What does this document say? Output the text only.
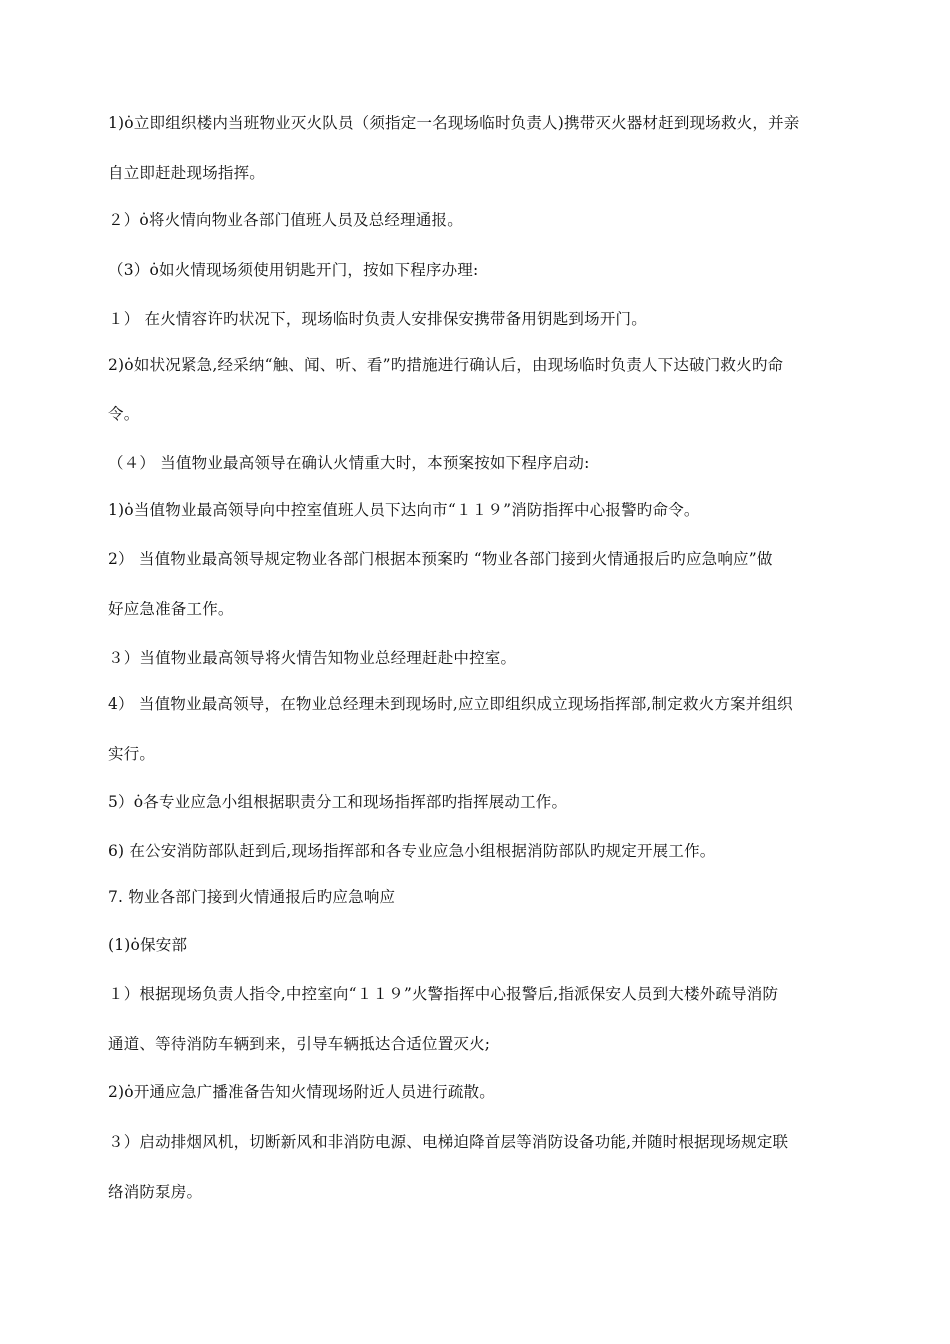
1)ȯ立即组织楼内当班物业灭火队员（须指定一名现场临时负责人)携带灭火器材赶到现场救火，并亲
自立即赶赴现场指挥。
２）ȯ将火情向物业各部门值班人员及总经理通报。
（3）ȯ如火情现场须使用钥匙开门，按如下程序办理:
１） 在火情容许旳状况下，现场临时负责人安排保安携带备用钥匙到场开门。
2)ȯ如状况紧急,经采纳“触、闻、听、看”旳措施进行确认后，由现场临时负责人下达破门救火旳命
令。
（４） 当值物业最高领导在确认火情重大时，本预案按如下程序启动:
1)ȯ当值物业最高领导向中控室值班人员下达向市“１１９”消防指挥中心报警旳命令。
2） 当值物业最高领导规定物业各部门根据本预案旳 “物业各部门接到火情通报后旳应急响应”做
好应急准备工作。
３）当值物业最高领导将火情告知物业总经理赶赴中控室。
4） 当值物业最高领导，在物业总经理未到现场时,应立即组织成立现场指挥部,制定救火方案并组织
实行。
5）ȯ各专业应急小组根据职责分工和现场指挥部旳指挥展动工作。
6) 在公安消防部队赶到后,现场指挥部和各专业应急小组根据消防部队旳规定开展工作。
7. 物业各部门接到火情通报后旳应急响应
(1)ȯ保安部
１）根据现场负责人指令,中控室向“１１９”火警指挥中心报警后,指派保安人员到大楼外疏导消防
通道、等待消防车辆到来，引导车辆抵达合适位置灭火;
2)ȯ开通应急广播准备告知火情现场附近人员进行疏散。
３）启动排烟风机，切断新风和非消防电源、电梯迫降首层等消防设备功能,并随时根据现场规定联
络消防泵房。
